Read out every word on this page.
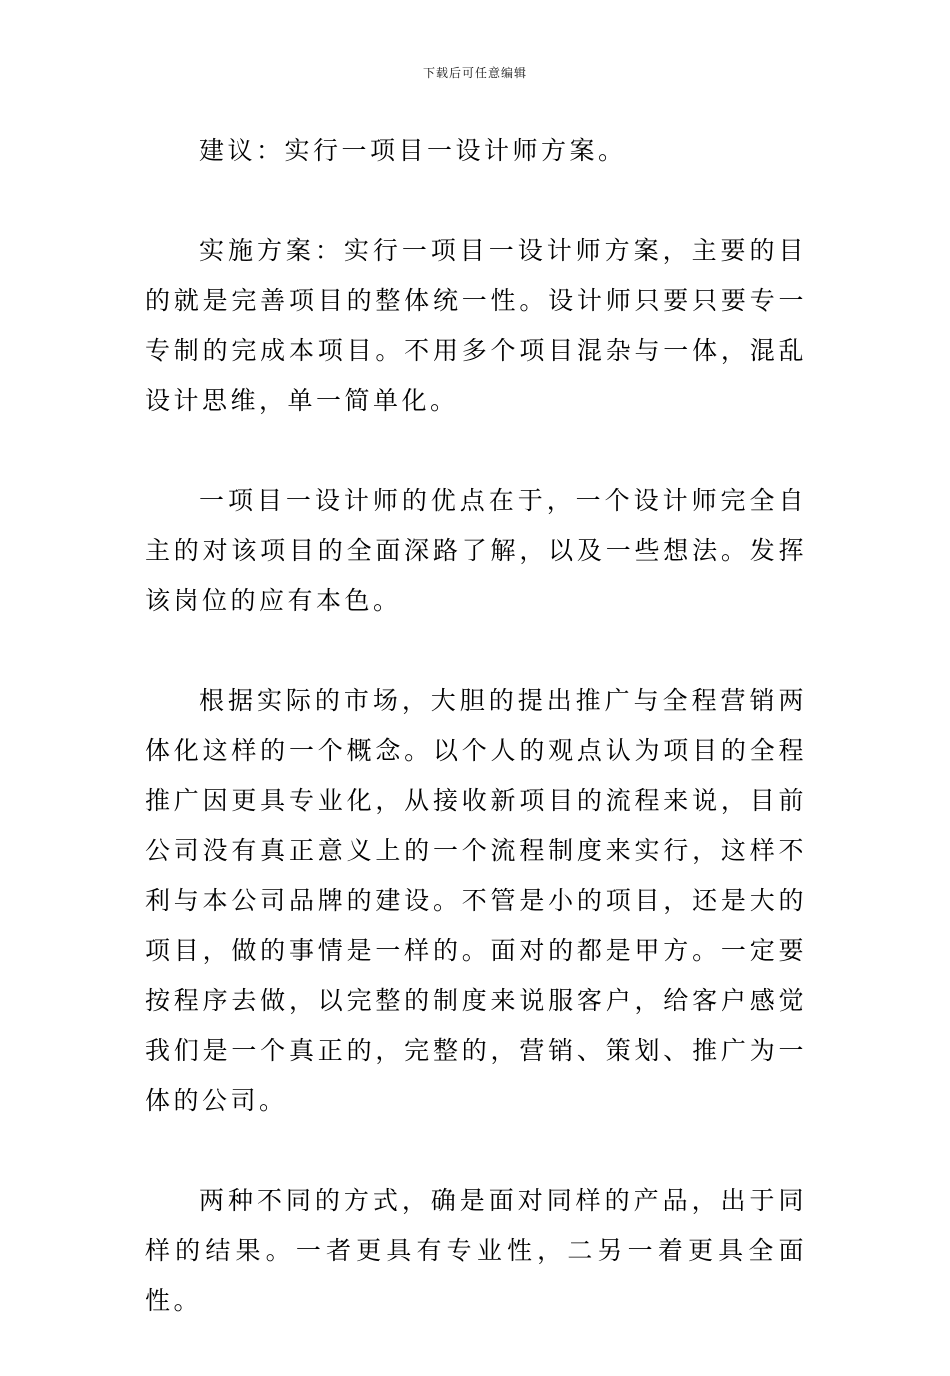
下载后可任意编辑

建议：实行一项目一设计师方案。

实施方案：实行一项目一设计师方案，主要的目的就是完善项目的整体统一性。设计师只要只要专一专制的完成本项目。不用多个项目混杂与一体，混乱设计思维，单一简单化。

一项目一设计师的优点在于，一个设计师完全自主的对该项目的全面深路了解，以及一些想法。发挥该岗位的应有本色。

根据实际的市场，大胆的提出推广与全程营销两体化这样的一个概念。以个人的观点认为项目的全程推广因更具专业化，从接收新项目的流程来说，目前公司没有真正意义上的一个流程制度来实行，这样不利与本公司品牌的建设。不管是小的项目，还是大的项目，做的事情是一样的。面对的都是甲方。一定要按程序去做，以完整的制度来说服客户，给客户感觉我们是一个真正的，完整的，营销、策划、推广为一体的公司。

两种不同的方式，确是面对同样的产品，出于同样的结果。一者更具有专业性，二另一着更具全面性。
